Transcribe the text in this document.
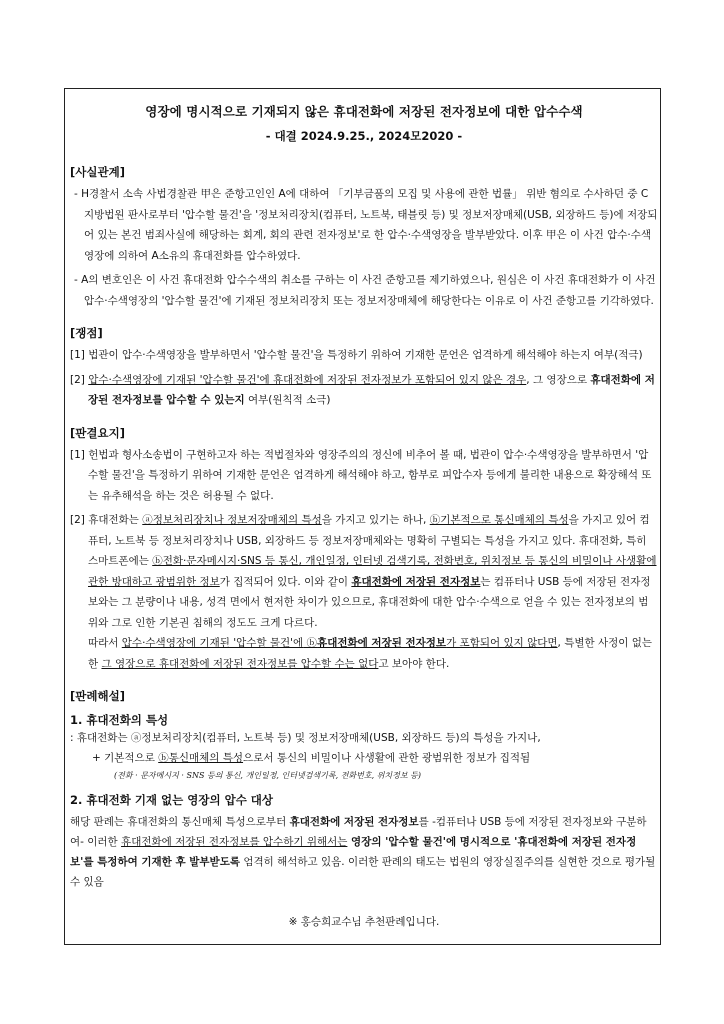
영장에 명시적으로 기재되지 않은 휴대전화에 저장된 전자정보에 대한 압수수색
- 대결 2024.9.25., 2024모2020 -
[사실관계]
- H경찰서 소속 사법경찰관 甲은 준항고인인 A에 대하여 「기부금품의 모집 및 사용에 관한 법률」 위반 혐의로 수사하던 중 C지방법원 판사로부터 '압수할 물건'을 '정보처리장치(컴퓨터, 노트북, 태블릿 등) 및 정보저장매체(USB, 외장하드 등)에 저장되어 있는 본건 범죄사실에 해당하는 회계, 회의 관련 전자정보'로 한 압수·수색영장을 발부받았다. 이후 甲은 이 사건 압수·수색영장에 의하여 A소유의 휴대전화를 압수하였다.
- A의 변호인은 이 사건 휴대전화 압수수색의 취소를 구하는 이 사건 준항고를 제기하였으나, 원심은 이 사건 휴대전화가 이 사건 압수·수색영장의 '압수할 물건'에 기재된 정보처리장치 또는 정보저장매체에 해당한다는 이유로 이 사건 준항고를 기각하였다.
[쟁점]
[1] 법관이 압수·수색영장을 발부하면서 '압수할 물건'을 특정하기 위하여 기재한 문언은 엄격하게 해석해야 하는지 여부(적극)
[2] 압수·수색영장에 기재된 '압수할 물건'에 휴대전화에 저장된 전자정보가 포함되어 있지 않은 경우, 그 영장으로 휴대전화에 저장된 전자정보를 압수할 수 있는지 여부(원칙적 소극)
[판결요지]
[1] 헌법과 형사소송법이 구현하고자 하는 적법절차와 영장주의의 정신에 비추어 볼 때, 법관이 압수·수색영장을 발부하면서 '압수할 물건'을 특정하기 위하여 기재한 문언은 엄격하게 해석해야 하고, 함부로 피압수자 등에게 불리한 내용으로 확장해석 또는 유추해석을 하는 것은 허용될 수 없다.
[2] 휴대전화는 ⓐ정보처리장치나 정보저장매체의 특성을 가지고 있기는 하나, ⓑ기본적으로 통신매체의 특성을 가지고 있어 컴퓨터, 노트북 등 정보처리장치나 USB, 외장하드 등 정보저장매체와는 명확히 구별되는 특성을 가지고 있다. 휴대전화, 특히 스마트폰에는 ⓑ전화·문자메시지·SNS 등 통신, 개인일정, 인터넷 검색기록, 전화번호, 위치정보 등 통신의 비밀이나 사생활에 관한 방대하고 광범위한 정보가 집적되어 있다. 이와 같이 휴대전화에 저장된 전자정보는 컴퓨터나 USB 등에 저장된 전자정보와는 그 분량이나 내용, 성격 면에서 현저한 차이가 있으므로, 휴대전화에 대한 압수·수색으로 얻을 수 있는 전자정보의 범위와 그로 인한 기본권 침해의 정도도 크게 다르다.
따라서 압수·수색영장에 기재된 '압수할 물건'에 ⓑ휴대전화에 저장된 전자정보가 포함되어 있지 않다면, 특별한 사정이 없는 한 그 영장으로 휴대전화에 저장된 전자정보를 압수할 수는 없다고 보아야 한다.
[판례해설]
1. 휴대전화의 특성
: 휴대전화는 ⓐ정보처리장치(컴퓨터, 노트북 등) 및 정보저장매체(USB, 외장하드 등)의 특성을 가지나,
+ 기본적으로 ⓑ통신매체의 특성으로서 통신의 비밀이나 사생활에 관한 광범위한 정보가 집적됨
(전화 · 문자메시지 · SNS 등의 통신, 개인일정, 인터넷검색기록, 전화번호, 위치정보 등)
2. 휴대전화 기재 없는 영장의 압수 대상
해당 판례는 휴대전화의 통신매체 특성으로부터 휴대전화에 저장된 전자정보를 -컴퓨터나 USB 등에 저장된 전자정보와 구분하여- 이러한 휴대전화에 저장된 전자정보를 압수하기 위해서는 영장의 '압수할 물건'에 명시적으로 '휴대전화에 저장된 전자정보'를 특정하여 기재한 후 발부받도록 엄격히 해석하고 있음. 이러한 판례의 태도는 법원의 영장실질주의를 실현한 것으로 평가될 수 있음
※ 홍승희교수님 추천판례입니다.
